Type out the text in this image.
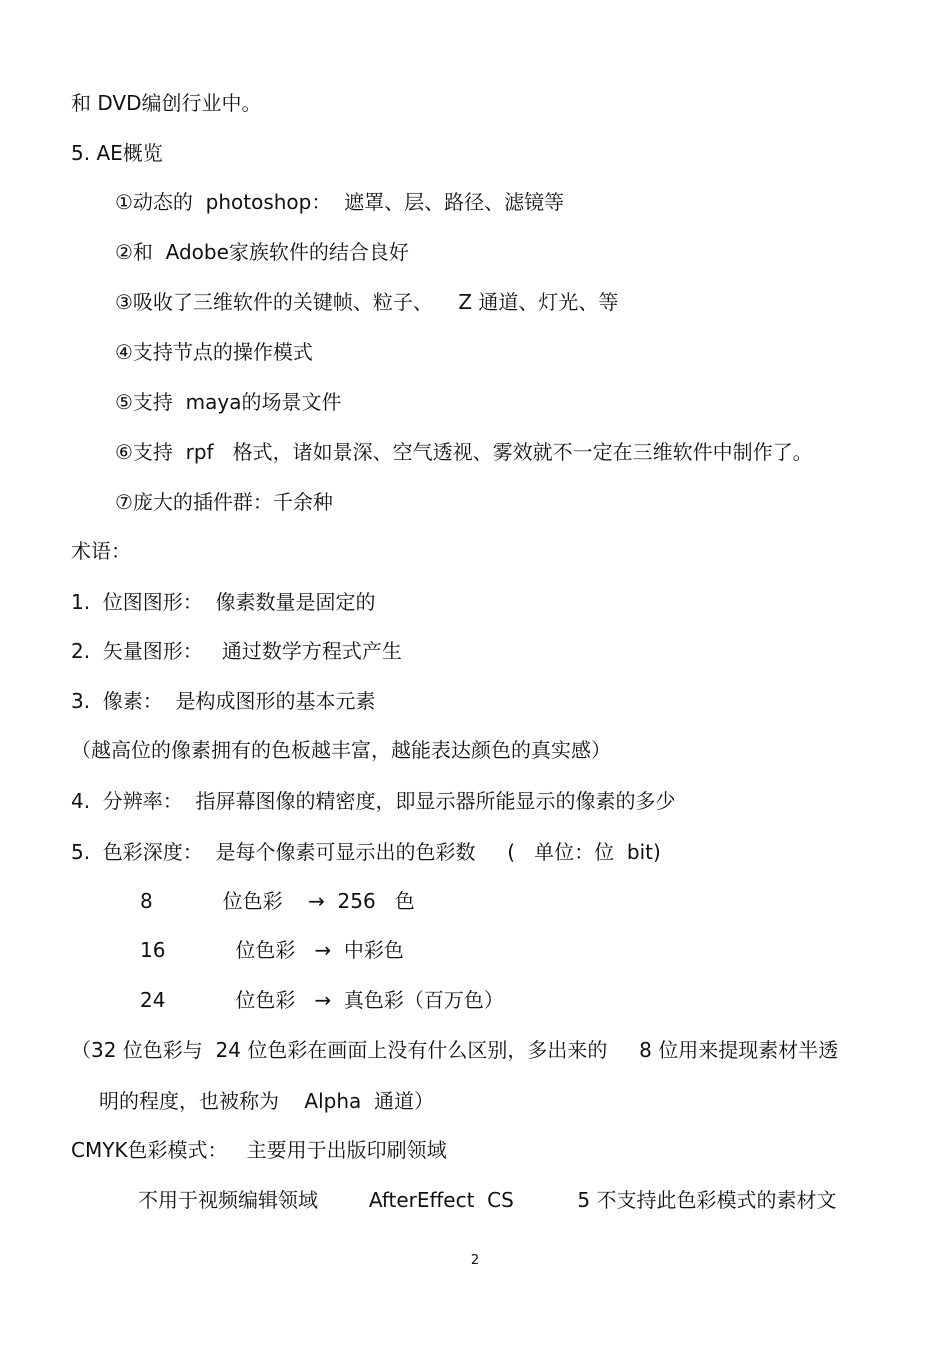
和 DVD编创行业中。
5. AE概览
①动态的  photoshop：  遮罩、层、路径、滤镜等
②和  Adobe家族软件的结合良好
③吸收了三维软件的关键帧、粒子、    Z 通道、灯光、等
④支持节点的操作模式
⑤支持  maya的场景文件
⑥支持  rpf   格式，诸如景深、空气透视、雾效就不一定在三维软件中制作了。
⑦庞大的插件群：千余种
术语：
1.  位图图形：  像素数量是固定的
2.  矢量图形：   通过数学方程式产生
3.  像素：  是构成图形的基本元素
（越高位的像素拥有的色板越丰富，越能表达颜色的真实感）
4.  分辨率：  指屏幕图像的精密度，即显示器所能显示的像素的多少
5.  色彩深度：  是每个像素可显示出的色彩数     (   单位：位  bit)
8           位色彩    →  256   色
16           位色彩   →  中彩色
24           位色彩   →  真色彩（百万色）
（32 位色彩与  24 位色彩在画面上没有什么区别，多出来的     8 位用来提现素材半透
明的程度，也被称为    Alpha  通道）
CMYK色彩模式：   主要用于出版印刷领域
不用于视频编辑领域        AfterEffect  CS          5 不支持此色彩模式的素材文
2
